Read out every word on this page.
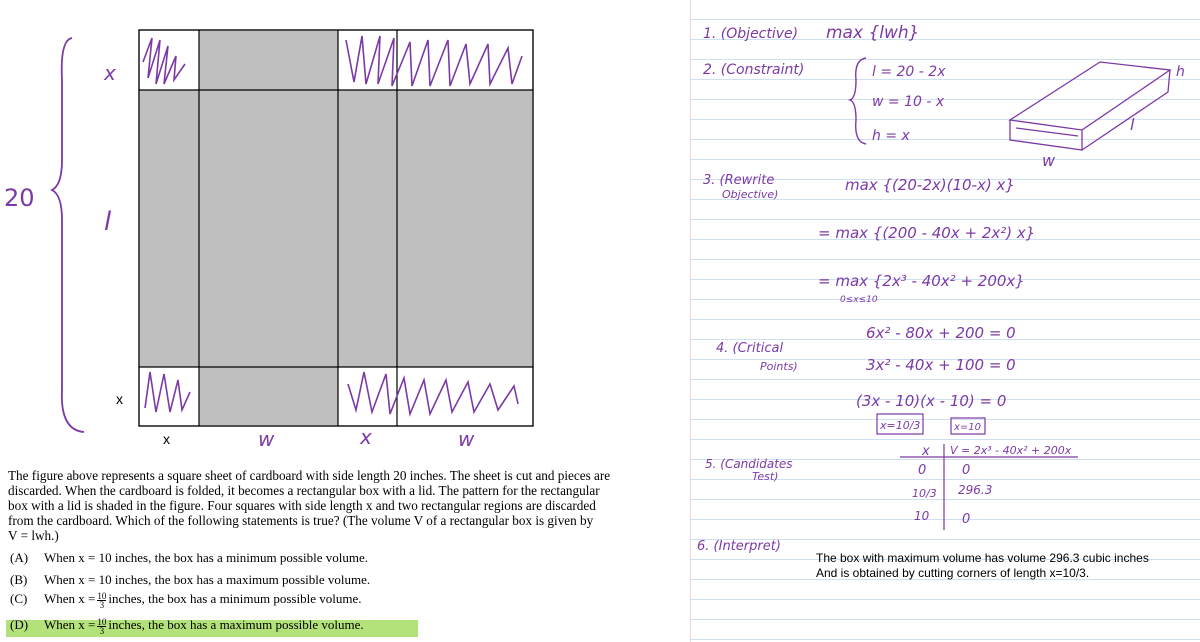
x
l
x
20
x	w	x	w
1. (Objective) max {lwh}
2. (Constraint)	l = 20 - 2x
w = 10 - x
h = x
h
l
w
3. (Rewrite
Objective)
max {(20-2x)(10-x) x}
= max {(200 - 40x + 2x²) x}
= max {2x³ - 40x² + 200x}
0≤x≤10
4. (Critical
Points)
6x² - 80x + 200 = 0
3x² - 40x + 100 = 0
(3x - 10)(x - 10) = 0
x=10/3	x=10
5. (Candidates
Test)
x V = 2x³ - 40x² + 200x
0	0
10/3 296.3
10	0
6. (Interpret)
The figure above represents a square sheet of cardboard with side length 20 inches. The sheet is cut and pieces are
discarded. When the cardboard is folded, it becomes a rectangular box with a lid. The pattern for the rectangular
box with a lid is shaded in the figure. Four squares with side length x and two rectangular regions are discarded
from the cardboard. Which of the following statements is true? (The volume V of a rectangular box is given by
V = lwh.)
(A) When x = 10 inches, the box has a minimum possible volume.
(B) When x = 10 inches, the box has a maximum possible volume.
(C) When $x = \frac{10}{3}$ inches, the box has a minimum possible volume.
(D) When $x = \frac{10}{3}$ inches, the box has a maximum possible volume.
The box with maximum volume has volume 296.3 cubic inches
And is obtained by cutting corners of length x=10/3.
